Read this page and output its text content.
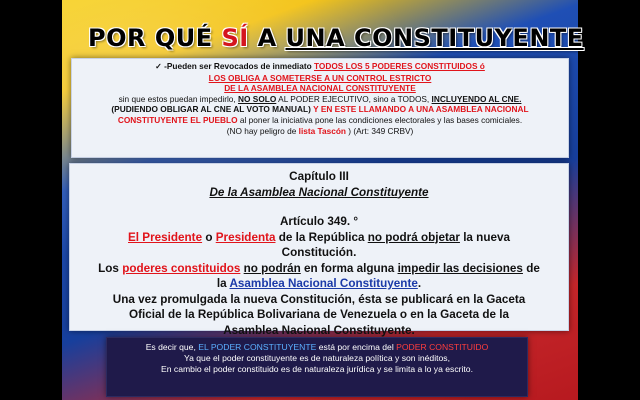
POR QUÉ SÍ A UNA CONSTITUYENTE

✓ -Pueden ser Revocados de inmediato TODOS LOS 5 PODERES CONSTITUIDOS ó

LOS OBLIGA A SOMETERSE A UN CONTROL ESTRICTO

DE LA ASAMBLEA NACIONAL CONSTITUYENTE

sin que estos puedan impedirlo, NO SOLO AL PODER EJECUTIVO, sino a TODOS, INCLUYENDO AL CNE.

(PUDIENDO OBLIGAR AL CNE AL VOTO MANUAL) Y EN ESTE LLAMANDO A UNA ASAMBLEA NACIONAL

CONSTITUYENTE EL PUEBLO al poner la iniciativa pone las condiciones electorales y las bases comiciales.

(NO hay peligro de lista Tascón ) (Art: 349 CRBV)

Capítulo III

De la Asamblea Nacional Constituyente

Artículo 349. °

El Presidente o Presidenta de la República no podrá objetar la nueva

Constitución.

Los poderes constituidos no podrán en forma alguna impedir las decisiones de

la Asamblea Nacional Constituyente.

Una vez promulgada la nueva Constitución, ésta se publicará en la Gaceta

Oficial de la República Bolivariana de Venezuela o en la Gaceta de la

Asamblea Nacional Constituyente.

Es decir que, EL PODER CONSTITUYENTE está por encima del PODER CONSTITUIDO

Ya que el poder constituyente es de naturaleza política y son inéditos,

En cambio el poder constituido es de naturaleza jurídica y se limita a lo ya escrito.
